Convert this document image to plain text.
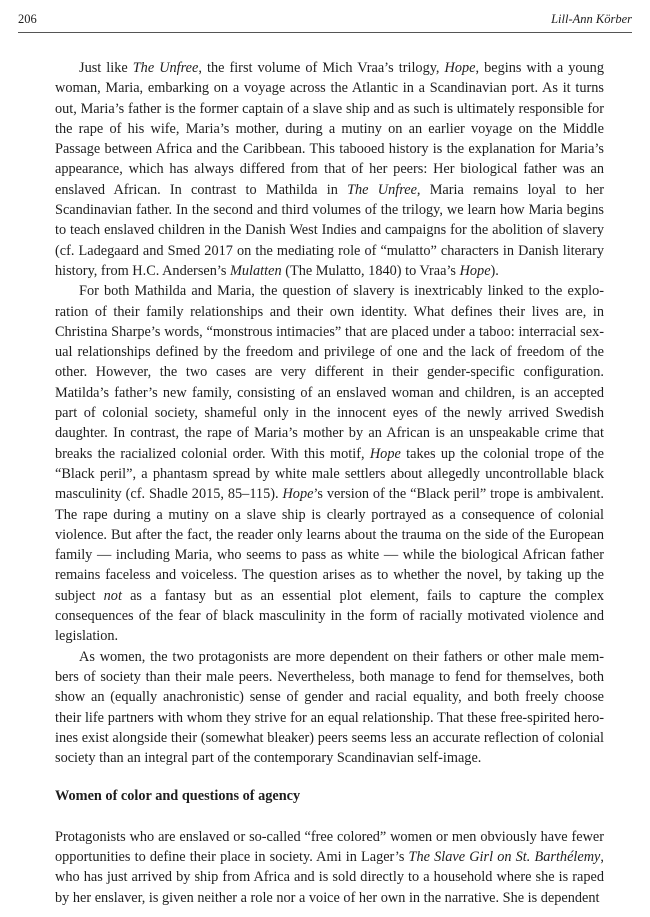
206	Lill-Ann Körber

Just like The Unfree, the first volume of Mich Vraa’s trilogy, Hope, begins with a young woman, Maria, embarking on a voyage across the Atlantic in a Scandinavian port. As it turns out, Maria’s father is the former captain of a slave ship and as such is ultimately responsible for the rape of his wife, Maria’s mother, during a mutiny on an earlier voyage on the Middle Passage between Africa and the Caribbean. This tabooed history is the explanation for Maria’s appearance, which has always differed from that of her peers: Her biological father was an enslaved African. In contrast to Mathilda in The Unfree, Maria remains loyal to her Scandinavian father. In the second and third volumes of the trilogy, we learn how Maria begins to teach enslaved children in the Danish West Indies and campaigns for the abolition of slavery (cf. Ladegaard and Smed 2017 on the mediating role of “mulatto” characters in Danish literary history, from H.C. Andersen’s Mulatten (The Mulatto, 1840) to Vraa’s Hope).

For both Mathilda and Maria, the question of slavery is inextricably linked to the exploration of their family relationships and their own identity. What defines their lives are, in Christina Sharpe’s words, “monstrous intimacies” that are placed under a taboo: interracial sexual relationships defined by the freedom and privilege of one and the lack of freedom of the other. However, the two cases are very different in their gender-specific configuration. Matilda’s father’s new family, consisting of an enslaved woman and children, is an accepted part of colonial society, shameful only in the innocent eyes of the newly arrived Swedish daughter. In contrast, the rape of Maria’s mother by an African is an unspeakable crime that breaks the racialized colonial order. With this motif, Hope takes up the colonial trope of the “Black peril”, a phantasm spread by white male settlers about allegedly uncontrollable black masculinity (cf. Shadle 2015, 85–115). Hope’s version of the “Black peril” trope is ambivalent. The rape during a mutiny on a slave ship is clearly portrayed as a consequence of colonial violence. But after the fact, the reader only learns about the trauma on the side of the European family — including Maria, who seems to pass as white — while the biological African father remains faceless and voiceless. The question arises as to whether the novel, by taking up the subject not as a fantasy but as an essential plot element, fails to capture the complex consequences of the fear of black masculinity in the form of racially motivated violence and legislation.

As women, the two protagonists are more dependent on their fathers or other male members of society than their male peers. Nevertheless, both manage to fend for themselves, both show an (equally anachronistic) sense of gender and racial equality, and both freely choose their life partners with whom they strive for an equal relationship. That these free-spirited heroines exist alongside their (somewhat bleaker) peers seems less an accurate reflection of colonial society than an integral part of the contemporary Scandinavian self-image.

Women of color and questions of agency

Protagonists who are enslaved or so-called “free colored” women or men obviously have fewer opportunities to define their place in society. Ami in Lager’s The Slave Girl on St. Barthélemy, who has just arrived by ship from Africa and is sold directly to a household where she is raped by her enslaver, is given neither a role nor a voice of her own in the narrative. She is dependent
